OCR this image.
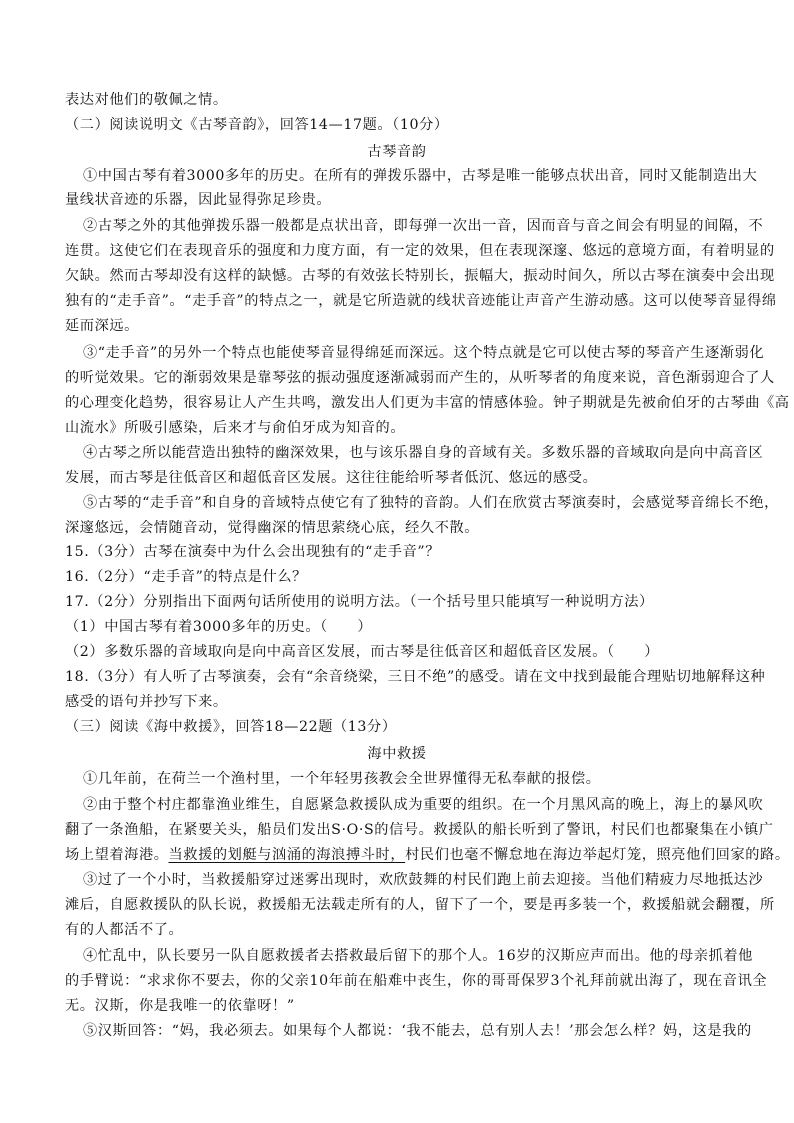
表达对他们的敬佩之情。
（二）阅读说明文《古琴音韵》，回答14—17题。（10分）
古琴音韵
①中国古琴有着3000多年的历史。在所有的弹拨乐器中，古琴是唯一能够点状出音，同时又能制造出大
量线状音迹的乐器，因此显得弥足珍贵。
②古琴之外的其他弹拨乐器一般都是点状出音，即每弹一次出一音，因而音与音之间会有明显的间隔，不
连贯。这使它们在表现音乐的强度和力度方面，有一定的效果，但在表现深邃、悠远的意境方面，有着明显的
欠缺。然而古琴却没有这样的缺憾。古琴的有效弦长特别长，振幅大，振动时间久，所以古琴在演奏中会出现
独有的“走手音”。“走手音”的特点之一，就是它所造就的线状音迹能让声音产生游动感。这可以使琴音显得绵
延而深远。
③“走手音”的另外一个特点也能使琴音显得绵延而深远。这个特点就是它可以使古琴的琴音产生逐渐弱化
的听觉效果。它的渐弱效果是靠琴弦的振动强度逐渐减弱而产生的，从听琴者的角度来说，音色渐弱迎合了人
的心理变化趋势，很容易让人产生共鸣，激发出人们更为丰富的情感体验。钟子期就是先被俞伯牙的古琴曲《高
山流水》所吸引感染，后来才与俞伯牙成为知音的。
④古琴之所以能营造出独特的幽深效果，也与该乐器自身的音域有关。多数乐器的音域取向是向中高音区
发展，而古琴是往低音区和超低音区发展。这往往能给听琴者低沉、悠远的感受。
⑤古琴的“走手音”和自身的音域特点使它有了独特的音韵。人们在欣赏古琴演奏时，会感觉琴音绵长不绝，
深邃悠远，会情随音动，觉得幽深的情思萦绕心底，经久不散。
15.（3分）古琴在演奏中为什么会出现独有的“走手音”？
16.（2分）“走手音”的特点是什么？
17.（2分）分别指出下面两句话所使用的说明方法。（一个括号里只能填写一种说明方法）
（1）中国古琴有着3000多年的历史。（　　）
（2）多数乐器的音域取向是向中高音区发展，而古琴是往低音区和超低音区发展。（　　）
18.（3分）有人听了古琴演奏，会有“余音绕梁，三日不绝”的感受。请在文中找到最能合理贴切地解释这种
感受的语句并抄写下来。
（三）阅读《海中救援》，回答18—22题（13分）
海中救援
①几年前，在荷兰一个渔村里，一个年轻男孩教会全世界懂得无私奉献的报偿。
②由于整个村庄都靠渔业维生，自愿紧急救援队成为重要的组织。在一个月黑风高的晚上，海上的暴风吹
翻了一条渔船，在紧要关头，船员们发出S·O·S的信号。救援队的船长听到了警讯，村民们也都聚集在小镇广
场上望着海港。当救援的划艇与汹涌的海浪搏斗时，村民们也毫不懈怠地在海边举起灯笼，照亮他们回家的路。
③过了一个小时，当救援船穿过迷雾出现时，欢欣鼓舞的村民们跑上前去迎接。当他们精疲力尽地抵达沙
滩后，自愿救援队的队长说，救援船无法载走所有的人，留下了一个，要是再多装一个，救援船就会翻覆，所
有的人都活不了。
④忙乱中，队长要另一队自愿救援者去搭救最后留下的那个人。16岁的汉斯应声而出。他的母亲抓着他
的手臂说：“求求你不要去，你的父亲10年前在船难中丧生，你的哥哥保罗3个礼拜前就出海了，现在音讯全
无。汉斯，你是我唯一的依靠呀！”
⑤汉斯回答：“妈，我必须去。如果每个人都说：‘我不能去，总有别人去！’那会怎么样？妈，这是我的
